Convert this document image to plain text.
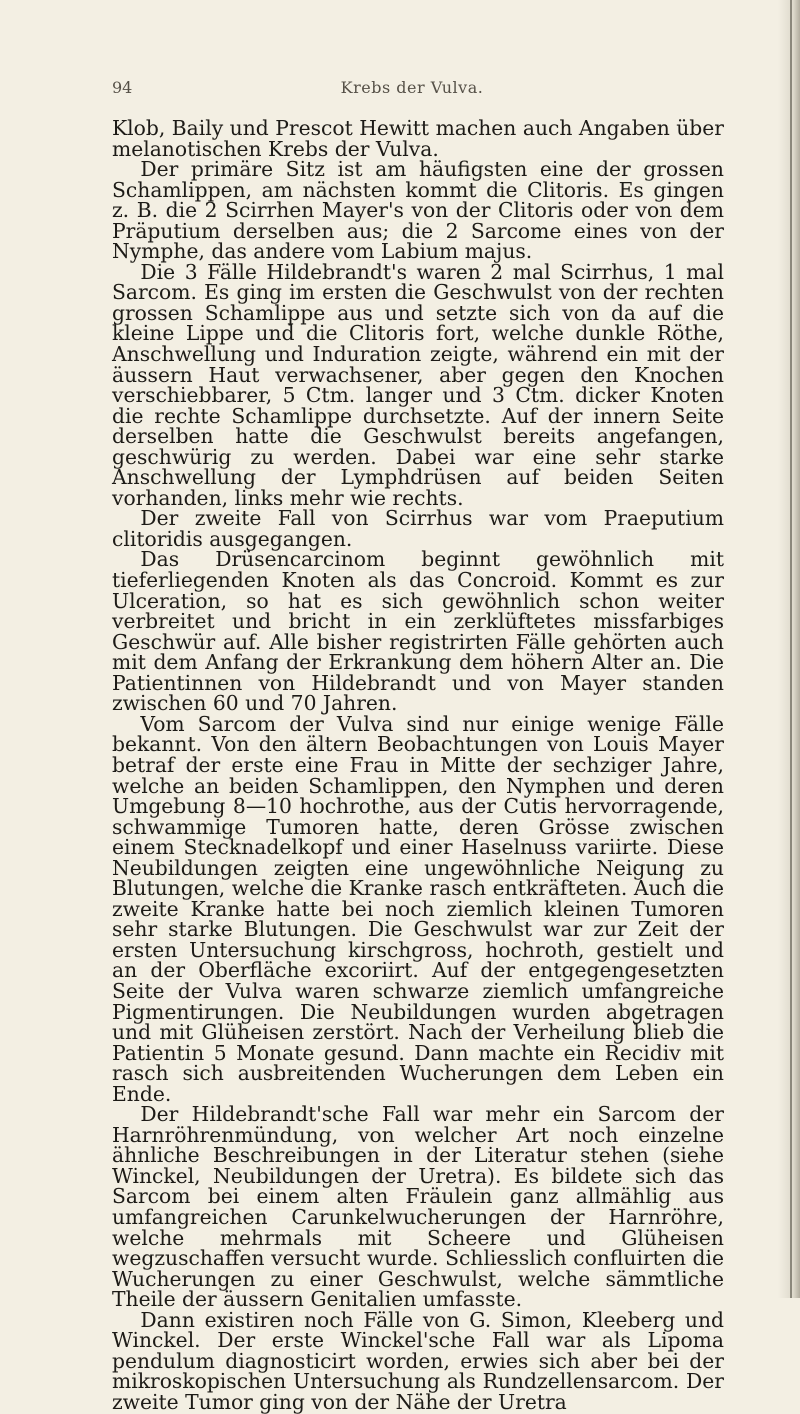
94	Krebs der Vulva.

Klob, Baily und Prescot Hewitt machen auch Angaben über melanotischen Krebs der Vulva.

Der primäre Sitz ist am häufigsten eine der grossen Schamlippen, am nächsten kommt die Clitoris. Es gingen z. B. die 2 Scirrhen Mayer's von der Clitoris oder von dem Präputium derselben aus; die 2 Sarcome eines von der Nymphe, das andere vom Labium majus.

Die 3 Fälle Hildebrandt's waren 2 mal Scirrhus, 1 mal Sarcom. Es ging im ersten die Geschwulst von der rechten grossen Schamlippe aus und setzte sich von da auf die kleine Lippe und die Clitoris fort, welche dunkle Röthe, Anschwellung und Induration zeigte, während ein mit der äussern Haut verwachsener, aber gegen den Knochen verschiebbarer, 5 Ctm. langer und 3 Ctm. dicker Knoten die rechte Schamlippe durchsetzte. Auf der innern Seite derselben hatte die Geschwulst bereits angefangen, geschwürig zu werden. Dabei war eine sehr starke Anschwellung der Lymphdrüsen auf beiden Seiten vorhanden, links mehr wie rechts.

Der zweite Fall von Scirrhus war vom Praeputium clitoridis ausgegangen.

Das Drüsencarcinom beginnt gewöhnlich mit tieferliegenden Knoten als das Concroid. Kommt es zur Ulceration, so hat es sich gewöhnlich schon weiter verbreitet und bricht in ein zerklüftetes missfarbiges Geschwür auf. Alle bisher registrirten Fälle gehörten auch mit dem Anfang der Erkrankung dem höhern Alter an. Die Patientinnen von Hildebrandt und von Mayer standen zwischen 60 und 70 Jahren.

Vom Sarcom der Vulva sind nur einige wenige Fälle bekannt. Von den ältern Beobachtungen von Louis Mayer betraf der erste eine Frau in Mitte der sechziger Jahre, welche an beiden Schamlippen, den Nymphen und deren Umgebung 8—10 hochrothe, aus der Cutis hervorragende, schwammige Tumoren hatte, deren Grösse zwischen einem Stecknadelkopf und einer Haselnuss variirte. Diese Neubildungen zeigten eine ungewöhnliche Neigung zu Blutungen, welche die Kranke rasch entkräfteten. Auch die zweite Kranke hatte bei noch ziemlich kleinen Tumoren sehr starke Blutungen. Die Geschwulst war zur Zeit der ersten Untersuchung kirschgross, hochroth, gestielt und an der Oberfläche excoriirt. Auf der entgegengesetzten Seite der Vulva waren schwarze ziemlich umfangreiche Pigmentirungen. Die Neubildungen wurden abgetragen und mit Glüheisen zerstört. Nach der Verheilung blieb die Patientin 5 Monate gesund. Dann machte ein Recidiv mit rasch sich ausbreitenden Wucherungen dem Leben ein Ende.

Der Hildebrandt'sche Fall war mehr ein Sarcom der Harnröhrenmündung, von welcher Art noch einzelne ähnliche Beschreibungen in der Literatur stehen (siehe Winckel, Neubildungen der Uretra). Es bildete sich das Sarcom bei einem alten Fräulein ganz allmählig aus umfangreichen Carunkelwucherungen der Harnröhre, welche mehrmals mit Scheere und Glüheisen wegzuschaffen versucht wurde. Schliesslich confluirten die Wucherungen zu einer Geschwulst, welche sämmtliche Theile der äussern Genitalien umfasste.

Dann existiren noch Fälle von G. Simon, Kleeberg und Winckel. Der erste Winckel'sche Fall war als Lipoma pendulum diagnosticirt worden, erwies sich aber bei der mikroskopischen Untersuchung als Rundzellensarcom. Der zweite Tumor ging von der Nähe der Uretra
